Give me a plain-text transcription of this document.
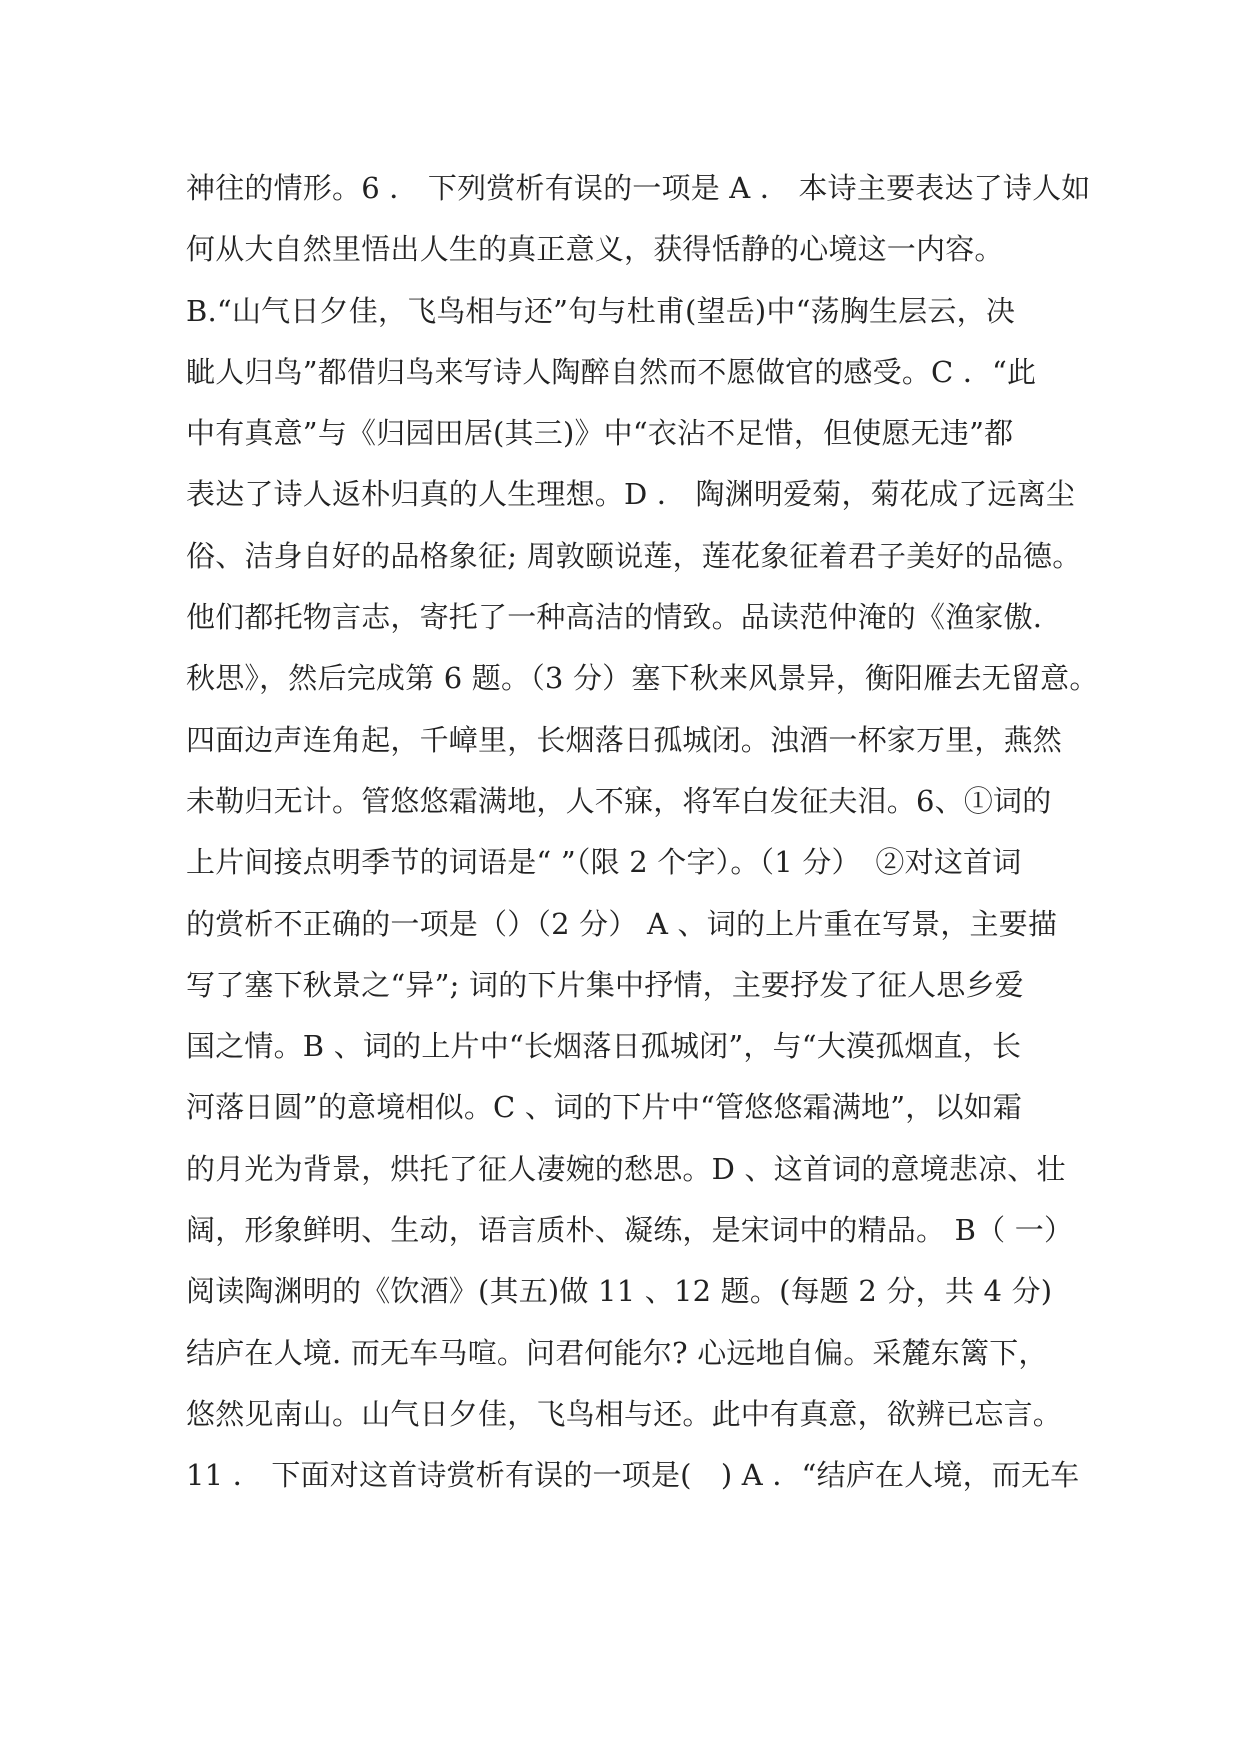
神往的情形。6 ． 下列赏析有误的一项是 A ． 本诗主要表达了诗人如
何从大自然里悟出人生的真正意义，获得恬静的心境这一内容。
B.“山气日夕佳，飞鸟相与还”句与杜甫(望岳)中“荡胸生层云，决
眦人归鸟”都借归鸟来写诗人陶醉自然而不愿做官的感受。C ．“此
中有真意”与《归园田居(其三)》中“衣沾不足惜，但使愿无违”都
表达了诗人返朴归真的人生理想。D ． 陶渊明爱菊，菊花成了远离尘
俗、洁身自好的品格象征; 周敦颐说莲，莲花象征着君子美好的品德。
他们都托物言志，寄托了一种高洁的情致。品读范仲淹的《渔家傲.
秋思》，然后完成第 6 题。（3 分）塞下秋来风景异，衡阳雁去无留意。
四面边声连角起，千嶂里，长烟落日孤城闭。浊酒一杯家万里，燕然
未勒归无计。管悠悠霜满地，人不寐，将军白发征夫泪。6、①词的
上片间接点明季节的词语是“ ”（限 2 个字）。（1 分）　②对这首词
的赏析不正确的一项是（）（2 分） A 、词的上片重在写景，主要描
写了塞下秋景之“异”; 词的下片集中抒情，主要抒发了征人思乡爱
国之情。B 、词的上片中“长烟落日孤城闭”，与“大漠孤烟直，长
河落日圆”的意境相似。C 、词的下片中“管悠悠霜满地”，以如霜
的月光为背景，烘托了征人凄婉的愁思。D 、这首词的意境悲凉、壮
阔，形象鲜明、生动，语言质朴、凝练，是宋词中的精品。 B（ 一）
阅读陶渊明的《饮酒》(其五)做 11 、12 题。(每题 2 分，共 4 分)
结庐在人境. 而无车马喧。问君何能尔? 心远地自偏。采麓东篱下，
悠然见南山。山气日夕佳，飞鸟相与还。此中有真意，欲辨已忘言。
11 ． 下面对这首诗赏析有误的一项是(　) A ．“结庐在人境，而无车
